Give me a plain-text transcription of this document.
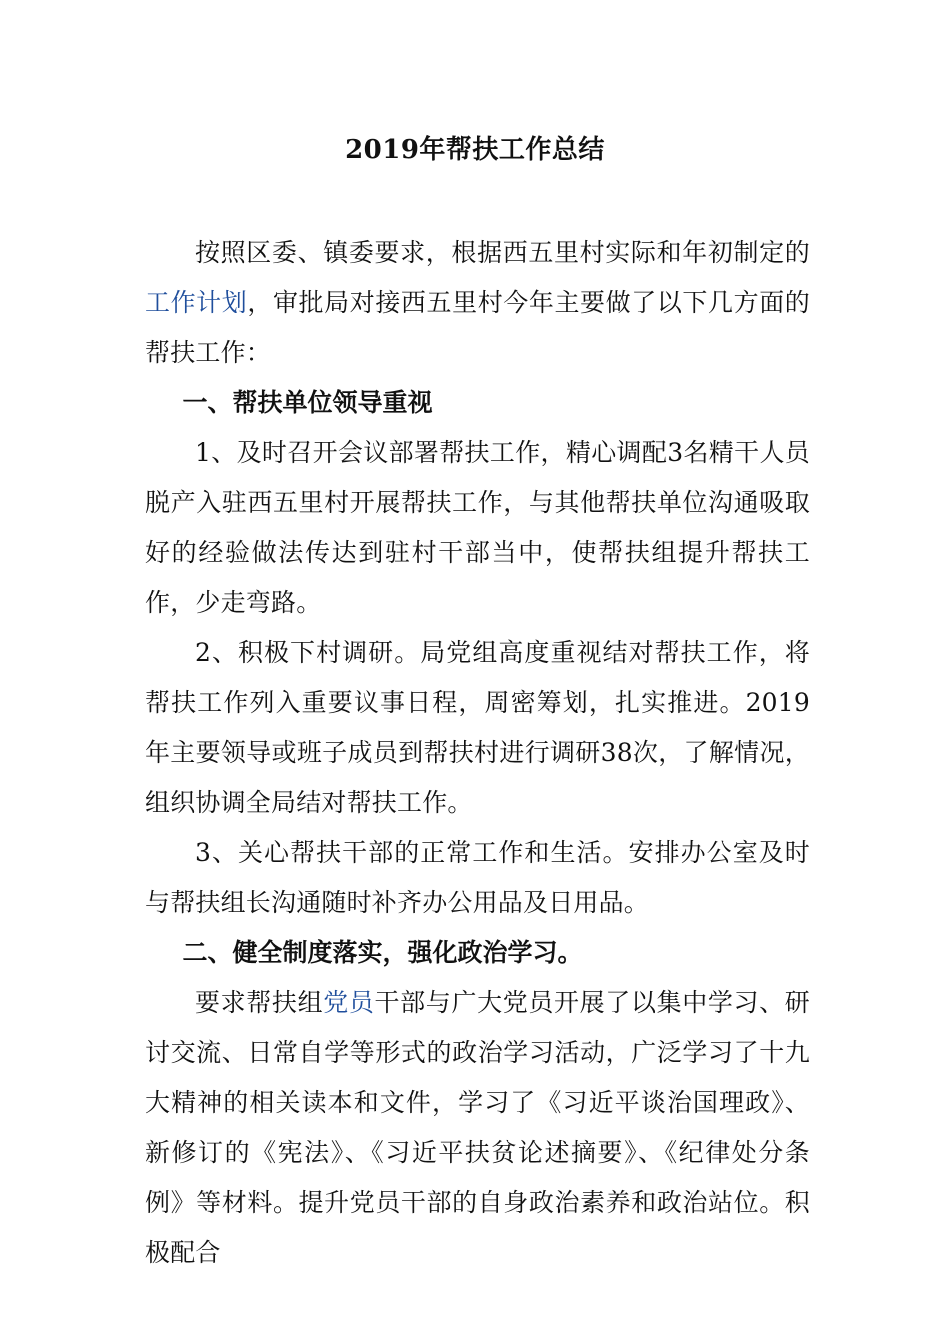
2019年帮扶工作总结

按照区委、镇委要求，根据西五里村实际和年初制定的工作计划，审批局对接西五里村今年主要做了以下几方面的帮扶工作：

一、帮扶单位领导重视

1、及时召开会议部署帮扶工作，精心调配3名精干人员脱产入驻西五里村开展帮扶工作，与其他帮扶单位沟通吸取好的经验做法传达到驻村干部当中，使帮扶组提升帮扶工作，少走弯路。

2、积极下村调研。局党组高度重视结对帮扶工作，将帮扶工作列入重要议事日程，周密筹划，扎实推进。2019年主要领导或班子成员到帮扶村进行调研38次，了解情况，组织协调全局结对帮扶工作。

3、关心帮扶干部的正常工作和生活。安排办公室及时与帮扶组长沟通随时补齐办公用品及日用品。

二、健全制度落实，强化政治学习。

要求帮扶组党员干部与广大党员开展了以集中学习、研讨交流、日常自学等形式的政治学习活动，广泛学习了十九大精神的相关读本和文件，学习了《习近平谈治国理政》、新修订的《宪法》、《习近平扶贫论述摘要》、《纪律处分条例》等材料。提升党员干部的自身政治素养和政治站位。积极配合
